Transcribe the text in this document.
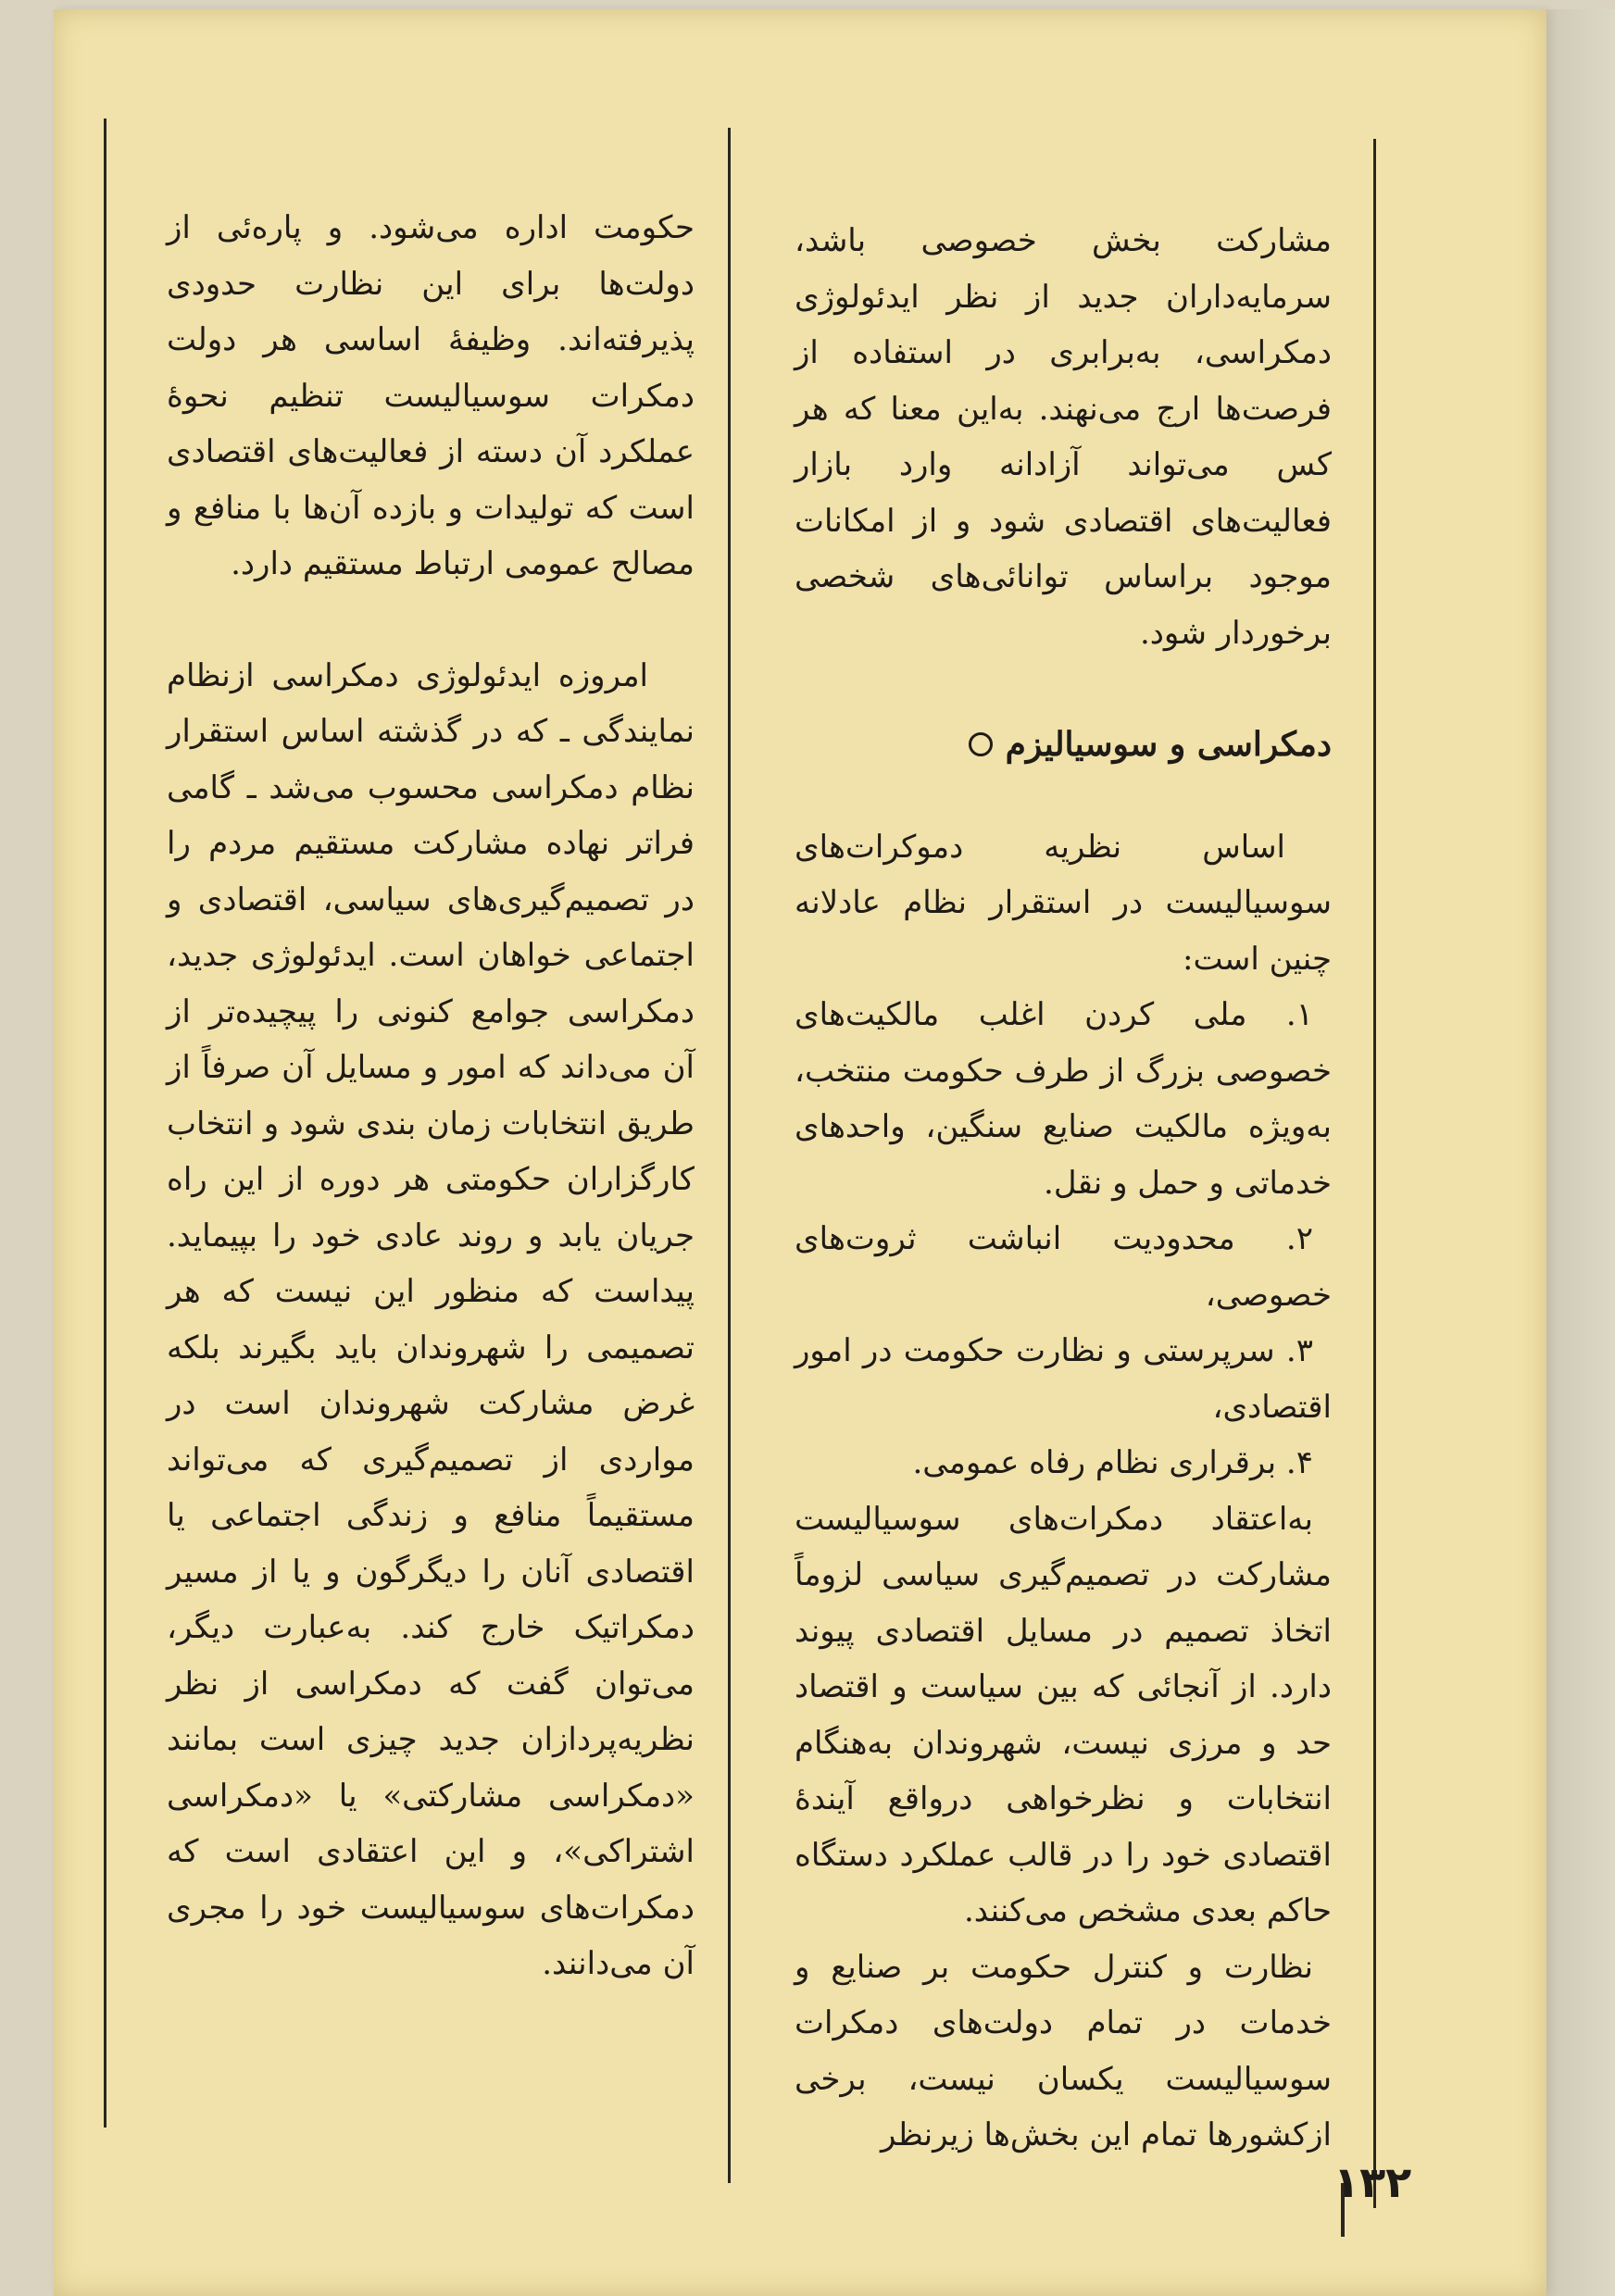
مشارکت بخش خصوصی باشد، سرمایه‌داران جدید از نظر ایدئولوژی دمکراسی، به‌برابری در استفاده از فرصت‌ها ارج می‌نهند. به‌این معنا که هر کس می‌تواند آزادانه وارد بازار فعالیت‌های اقتصادی شود و از امکانات موجود براساس توانائی‌های شخصی برخوردار شود.

دمکراسی و سوسیالیزم

اساس نظریه دموکرات‌های سوسیالیست در استقرار نظام عادلانه چنین است:

۱. ملی کردن اغلب مالکیت‌های خصوصی بزرگ از طرف حکومت منتخب، به‌ویژه مالکیت صنایع سنگین، واحدهای خدماتی و حمل و نقل.

۲. محدودیت انباشت ثروت‌های خصوصی،

۳. سرپرستی و نظارت حکومت در امور اقتصادی،

۴. برقراری نظام رفاه عمومی.

به‌اعتقاد دمکرات‌های سوسیالیست مشارکت در تصمیم‌گیری سیاسی لزوماً اتخاذ تصمیم در مسایل اقتصادی پیوند دارد. از آنجائی که بین سیاست و اقتصاد حد و مرزی نیست، شهروندان به‌هنگام انتخابات و نظرخواهی درواقع آیندهٔ اقتصادی خود را در قالب عملکرد دستگاه حاکم بعدی مشخص می‌کنند.

نظارت و کنترل حکومت بر صنایع و خدمات در تمام دولت‌های دمکرات سوسیالیست یکسان نیست، برخی ازکشورها تمام این بخش‌ها زیرنظر

حکومت اداره می‌شود. و پاره‌ئی از دولت‌ها برای این نظارت حدودی پذیرفته‌اند. وظیفهٔ اساسی هر دولت دمکرات سوسیالیست تنظیم نحوهٔ عملکرد آن دسته از فعالیت‌های اقتصادی است که تولیدات و بازده آن‌ها با منافع و مصالح عمومی ارتباط مستقیم دارد.

امروزه ایدئولوژی دمکراسی ازنظام نمایندگی ـ که در گذشته اساس استقرار نظام دمکراسی محسوب می‌شد ـ گامی فراتر نهاده مشارکت مستقیم مردم را در تصمیم‌گیری‌های سیاسی، اقتصادی و اجتماعی خواهان است. ایدئولوژی جدید، دمکراسی جوامع کنونی را پیچیده‌تر از آن می‌داند که امور و مسایل آن صرفاً از طریق انتخابات زمان بندی شود و انتخاب کارگزاران حکومتی هر دوره از این راه جریان یابد و روند عادی خود را بپیماید. پیداست که منظور این نیست که هر تصمیمی را شهروندان باید بگیرند بلکه غرض مشارکت شهروندان است در مواردی از تصمیم‌گیری که می‌تواند مستقیماً منافع و زندگی اجتماعی یا اقتصادی آنان را دیگرگون و یا از مسیر دمکراتیک خارج کند. به‌عبارت دیگر، می‌توان گفت که دمکراسی از نظر نظریه‌پردازان جدید چیزی است بمانند «دمکراسی مشارکتی» یا «دمکراسی اشتراکی»، و این اعتقادی است که دمکرات‌های سوسیالیست خود را مجری آن می‌دانند.

۱۳۲
